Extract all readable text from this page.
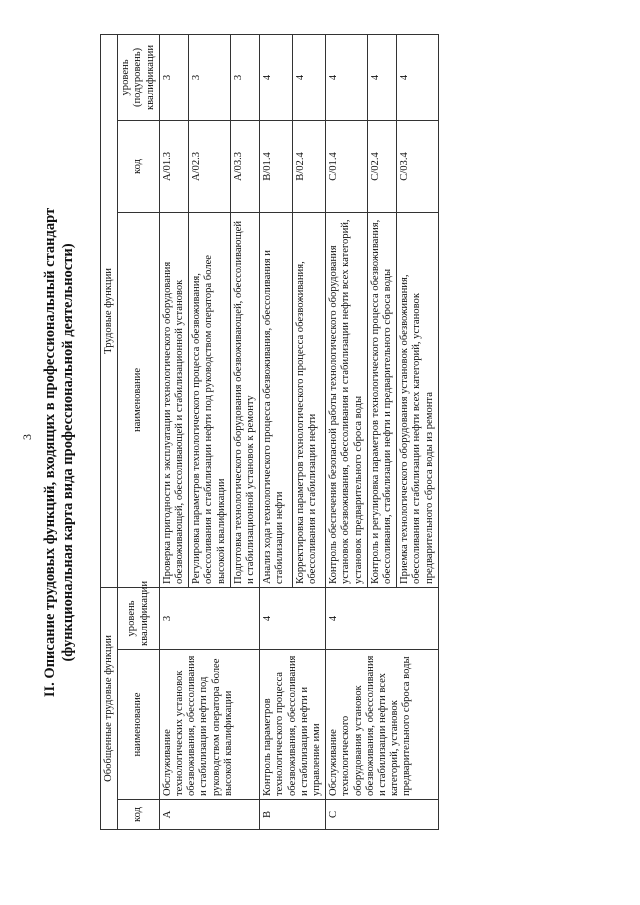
II. Описание трудовых функций, входящих в профессиональный стандарт (функциональная карта вида профессиональной деятельности)
Обобщенные трудовые функции			Трудовые функции		
код	наименование	уровень квалификации	наименование	код	уровень (подуровень) квалификации
A	Обслуживание технологических установок обезвоживания, обессоливания и стабилизации нефти под руководством оператора более высокой квалификации	3	Проверка пригодности к эксплуатации технологического оборудования обезвоживающей, обессоливающей и стабилизационной установок	A/01.3	3
			Регулировка параметров технологического процесса обезвоживания, обессоливания и стабилизации нефти под руководством оператора более высокой квалификации	A/02.3	3
			Подготовка технологического оборудования обезвоживающей, обессоливающей и стабилизационной установок к ремонту	A/03.3	3
B	Контроль параметров технологического процесса обезвоживания, обессоливания и стабилизации нефти и управление ими	4	Анализ хода технологического процесса обезвоживания, обессоливания и стабилизации нефти	B/01.4	4
			Корректировка параметров технологического процесса обезвоживания, обессоливания и стабилизации нефти	B/02.4	4
C	Обслуживание технологического оборудования установок обезвоживания, обессоливания и стабилизации нефти всех категорий, установок предварительного сброса воды	4	Контроль обеспечения безопасной работы технологического оборудования установок обезвоживания, обессоливания и стабилизации нефти всех категорий, установок предварительного сброса воды	C/01.4	4
			Контроль и регулировка параметров технологического процесса обезвоживания, обессоливания, стабилизации нефти и предварительного сброса воды	C/02.4	4
			Приемка технологического оборудования установок обезвоживания, обессоливания и стабилизации нефти всех категорий, установок предварительного сброса воды из ремонта	C/03.4	4
3
